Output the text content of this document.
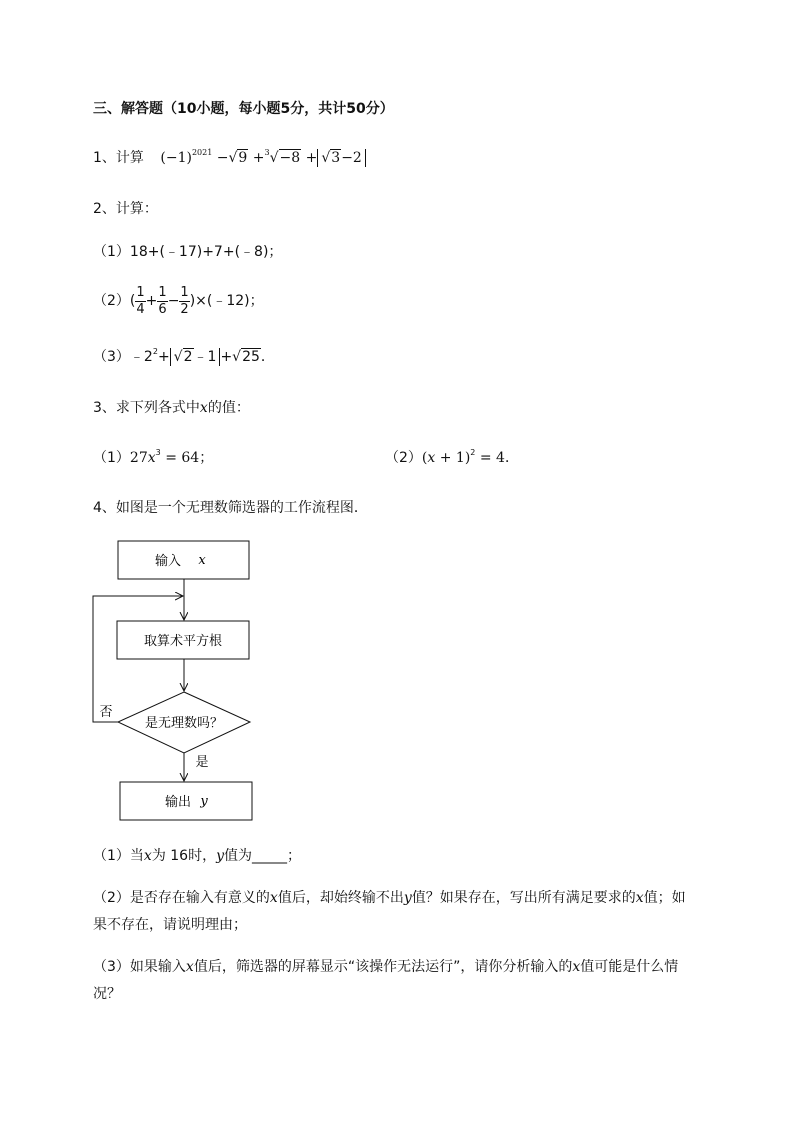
三、解答题（10小题，每小题5分，共计50分）
1、计算 $(-1)^{2021} -√9 +^3√-8 + √3-2$
2、计算：
（1）18+(﹣17)+7+(﹣8)；
$(2)( \frac{1}{4} + \frac{1}{6} - \frac{1}{2}$ )×(﹣12)；
$(3)﹣2^2+$ √2﹣1 +√25．
3、求下列各式中x的值：
$(1)27x^3 = 64$；	$(2)(x + 1)^2 = 4$．
4、如图是一个无理数筛选器的工作流程图．
输入 x
取算术平方根
是无理数吗？
否
是
输出 y
（1）当x为 16时，y值为_____；
（2）是否存在输入有意义的x值后，却始终输不出y值？如果存在，写出所有满足要求的x值；如
果不存在，请说明理由；
（3）如果输入x值后，筛选器的屏幕显示“该操作无法运行”，请你分析输入的x值可能是什么情
况？
